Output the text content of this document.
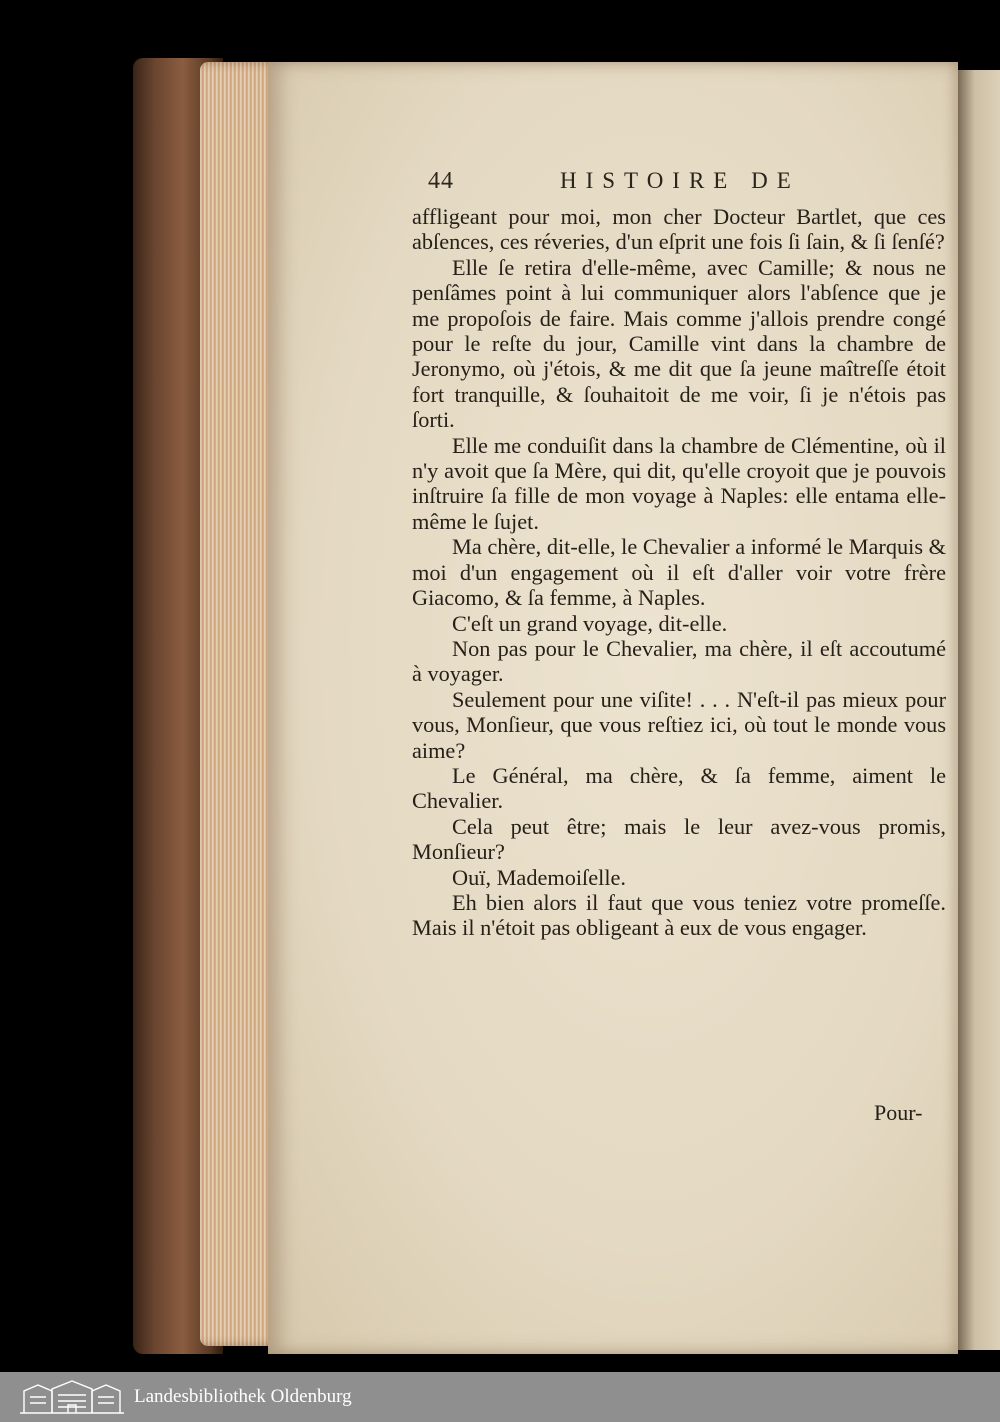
44	HISTOIRE DE

affligeant pour moi, mon cher Docteur Bartlet, que ces abſences, ces réveries, d'un eſprit une fois ſi ſain, & ſi ſenſé?

Elle ſe retira d'elle-même, avec Camille; & nous ne penſâmes point à lui communiquer alors l'abſence que je me propoſois de faire. Mais comme j'allois prendre congé pour le reſte du jour, Camille vint dans la chambre de Jeronymo, où j'étois, & me dit que ſa jeune maîtreſſe étoit fort tranquille, & ſouhaitoit de me voir, ſi je n'étois pas ſorti.

Elle me conduiſit dans la chambre de Clémentine, où il n'y avoit que ſa Mère, qui dit, qu'elle croyoit que je pouvois inſtruire ſa fille de mon voyage à Naples: elle entama elle-même le ſujet.

Ma chère, dit-elle, le Chevalier a informé le Marquis & moi d'un engagement où il eſt d'aller voir votre frère Giacomo, & ſa femme, à Naples.

C'eſt un grand voyage, dit-elle.

Non pas pour le Chevalier, ma chère, il eſt accoutumé à voyager.

Seulement pour une viſite! . . . N'eſt-il pas mieux pour vous, Monſieur, que vous reſtiez ici, où tout le monde vous aime?

Le Général, ma chère, & ſa femme, aiment le Chevalier.

Cela peut être; mais le leur avez-vous promis, Monſieur?

Ouï, Mademoiſelle.

Eh bien alors il faut que vous teniez votre promeſſe. Mais il n'étoit pas obligeant à eux de vous engager.

Pour-
Landesbibliothek Oldenburg
